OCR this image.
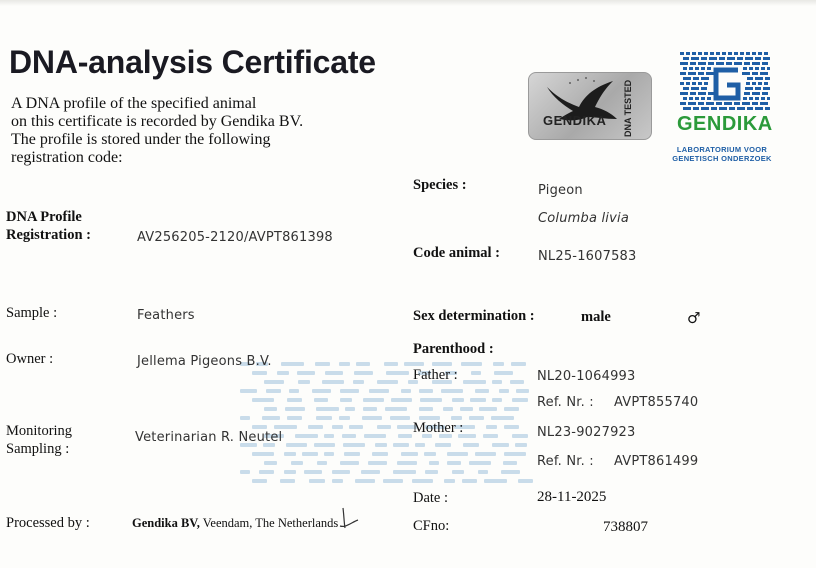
DNA-analysis Certificate
A DNA profile of the specified animal
on this certificate is recorded by Gendika BV.
The profile is stored under the following
registration code:
GENDIKA DNA TESTED	GENDIKA
LABORATORIUM VOOR
GENETISCH ONDERZOEK
DNA Profile
Registration :	AV256205-2120/AVPT861398
Sample :	Feathers
Owner :	Jellema Pigeons B.V.
Monitoring
Sampling :
Veterinarian R. Neutel
Processed by :	Gendika BV, Veendam, The Netherlands
Species :	Pigeon
Columba livia
Code animal :	NL25-1607583
Sex determination :	male	♂
Parenthood :
Father :	NL20-1064993
Ref. Nr. : AVPT855740
Mother :	NL23-9027923
Ref. Nr. : AVPT861499
Date :	28-11-2025
CFno:	738807
